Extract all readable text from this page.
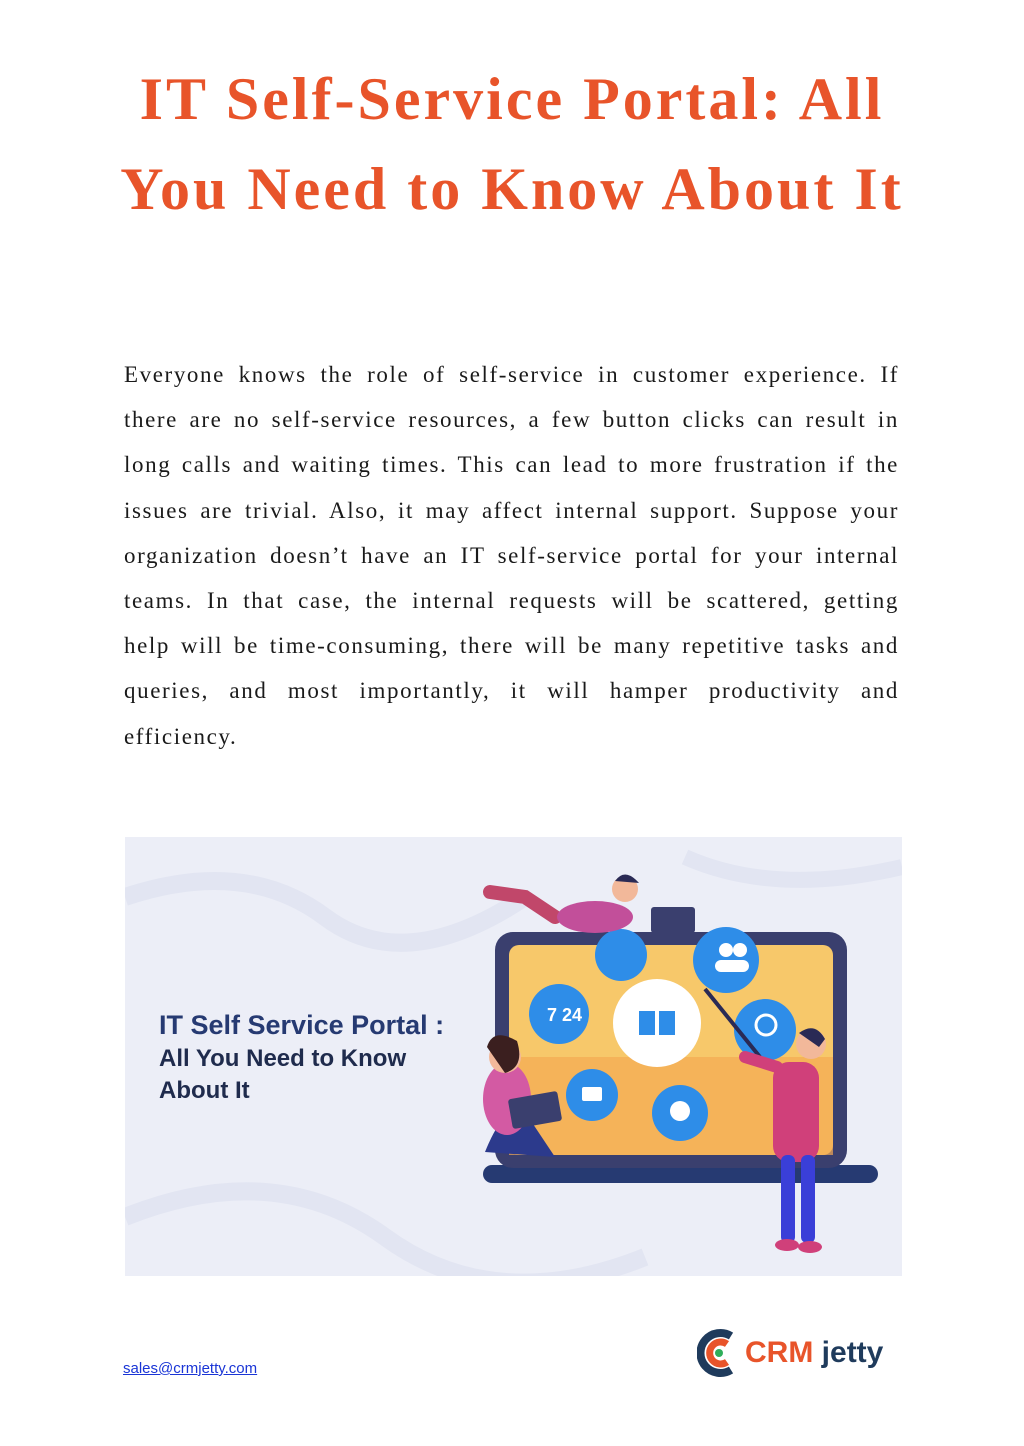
IT Self-Service Portal: All You Need to Know About It

Everyone knows the role of self-service in customer experience. If there are no self-service resources, a few button clicks can result in long calls and waiting times. This can lead to more frustration if the issues are trivial. Also, it may affect internal support. Suppose your organization doesn’t have an IT self-service portal for your internal teams. In that case, the internal requests will be scattered, getting help will be time-consuming, there will be many repetitive tasks and queries, and most importantly, it will hamper productivity and efficiency.

7 24

IT Self Service Portal :

All You Need to Know

About It

sales@crmjetty.com	CRM jetty
